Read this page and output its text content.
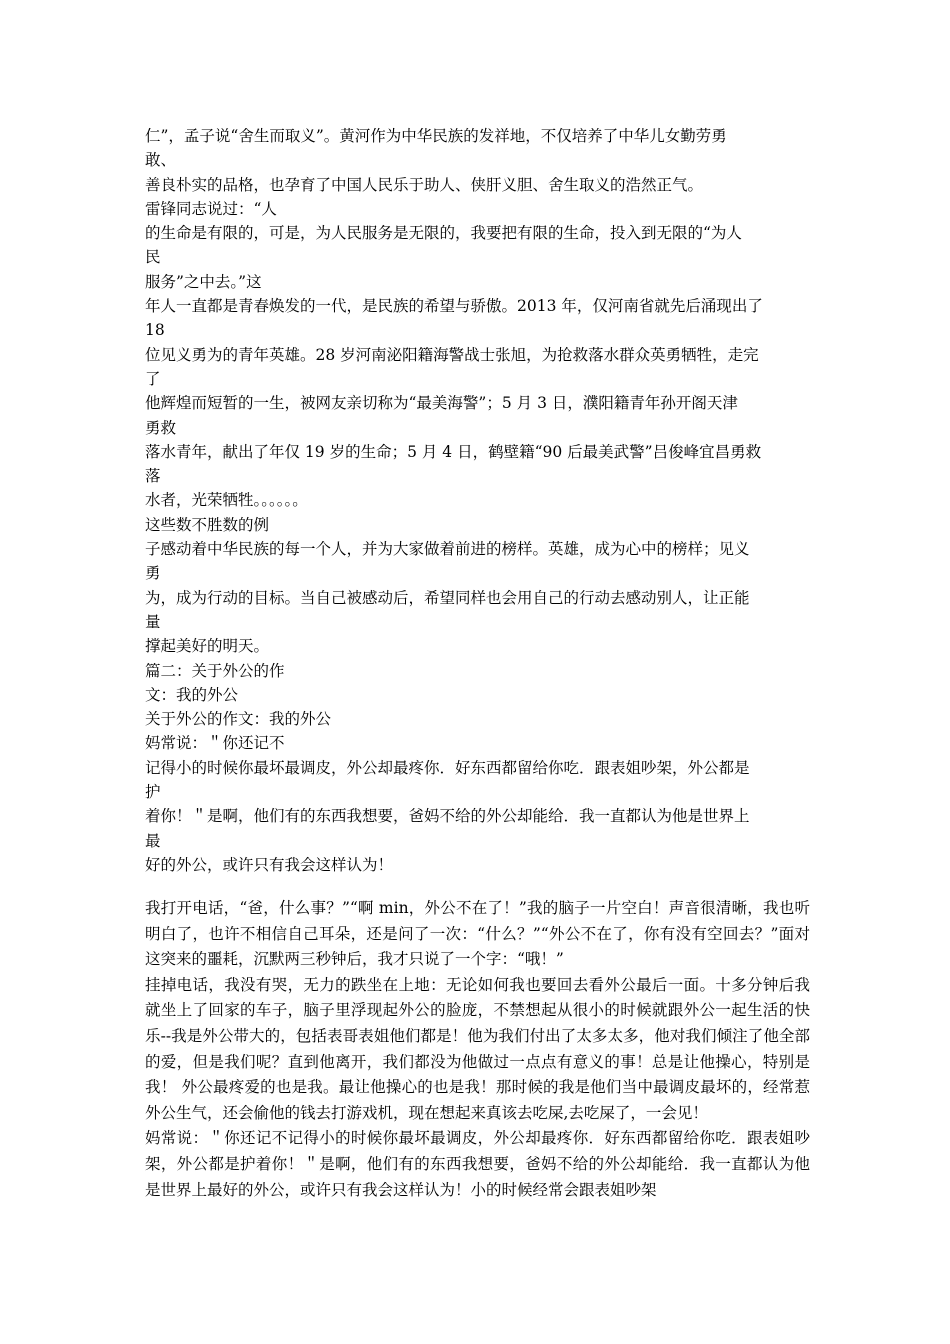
仁”，孟子说“舍生而取义”。黄河作为中华民族的发祥地，不仅培养了中华儿女勤劳勇
敢、
善良朴实的品格，也孕育了中国人民乐于助人、侠肝义胆、舍生取义的浩然正气。
雷锋同志说过：“人
的生命是有限的，可是，为人民服务是无限的，我要把有限的生命，投入到无限的“为人
民
服务”之中去。”这
年人一直都是青春焕发的一代，是民族的希望与骄傲。2013 年，仅河南省就先后涌现出了
18
位见义勇为的青年英雄。28 岁河南泌阳籍海警战士张旭，为抢救落水群众英勇牺牲，走完
了
他辉煌而短暂的一生，被网友亲切称为“最美海警”；5 月 3 日，濮阳籍青年孙开阁天津
勇救
落水青年，献出了年仅 19 岁的生命；5 月 4 日，鹤壁籍“90 后最美武警”吕俊峰宜昌勇救
落
水者，光荣牺牲。。。。。。
这些数不胜数的例
子感动着中华民族的每一个人，并为大家做着前进的榜样。英雄，成为心中的榜样；见义
勇
为，成为行动的目标。当自己被感动后，希望同样也会用自己的行动去感动别人，让正能
量
撑起美好的明天。
篇二：关于外公的作
文：我的外公
关于外公的作文：我的外公
妈常说：＂你还记不
记得小的时候你最坏最调皮，外公却最疼你．好东西都留给你吃．跟表姐吵架，外公都是
护
着你！＂是啊，他们有的东西我想要，爸妈不给的外公却能给．我一直都认为他是世界上
最
好的外公，或许只有我会这样认为！

我打开电话，“爸，什么事？”“啊 min，外公不在了！”我的脑子一片空白！声音很清晰，我也听明白了，也许不相信自己耳朵，还是问了一次：“什么？”“外公不在了，你有没有空回去？”面对这突来的噩耗，沉默两三秒钟后，我才只说了一个字：“哦！”

挂掉电话，我没有哭，无力的跌坐在上地：无论如何我也要回去看外公最后一面。十多分钟后我就坐上了回家的车子，脑子里浮现起外公的脸庞，不禁想起从很小的时候就跟外公一起生活的快乐--我是外公带大的，包括表哥表姐他们都是！他为我们付出了太多太多，他对我们倾注了他全部的爱，但是我们呢？直到他离开，我们都没为他做过一点点有意义的事！总是让他操心，特别是我！ 外公最疼爱的也是我。最让他操心的也是我！那时候的我是他们当中最调皮最坏的，经常惹外公生气，还会偷他的钱去打游戏机，现在想起来真该去吃屎,去吃屎了，一会见！

妈常说：＂你还记不记得小的时候你最坏最调皮，外公却最疼你．好东西都留给你吃．跟表姐吵架，外公都是护着你！＂是啊，他们有的东西我想要，爸妈不给的外公却能给．我一直都认为他是世界上最好的外公，或许只有我会这样认为！小的时候经常会跟表姐吵架
